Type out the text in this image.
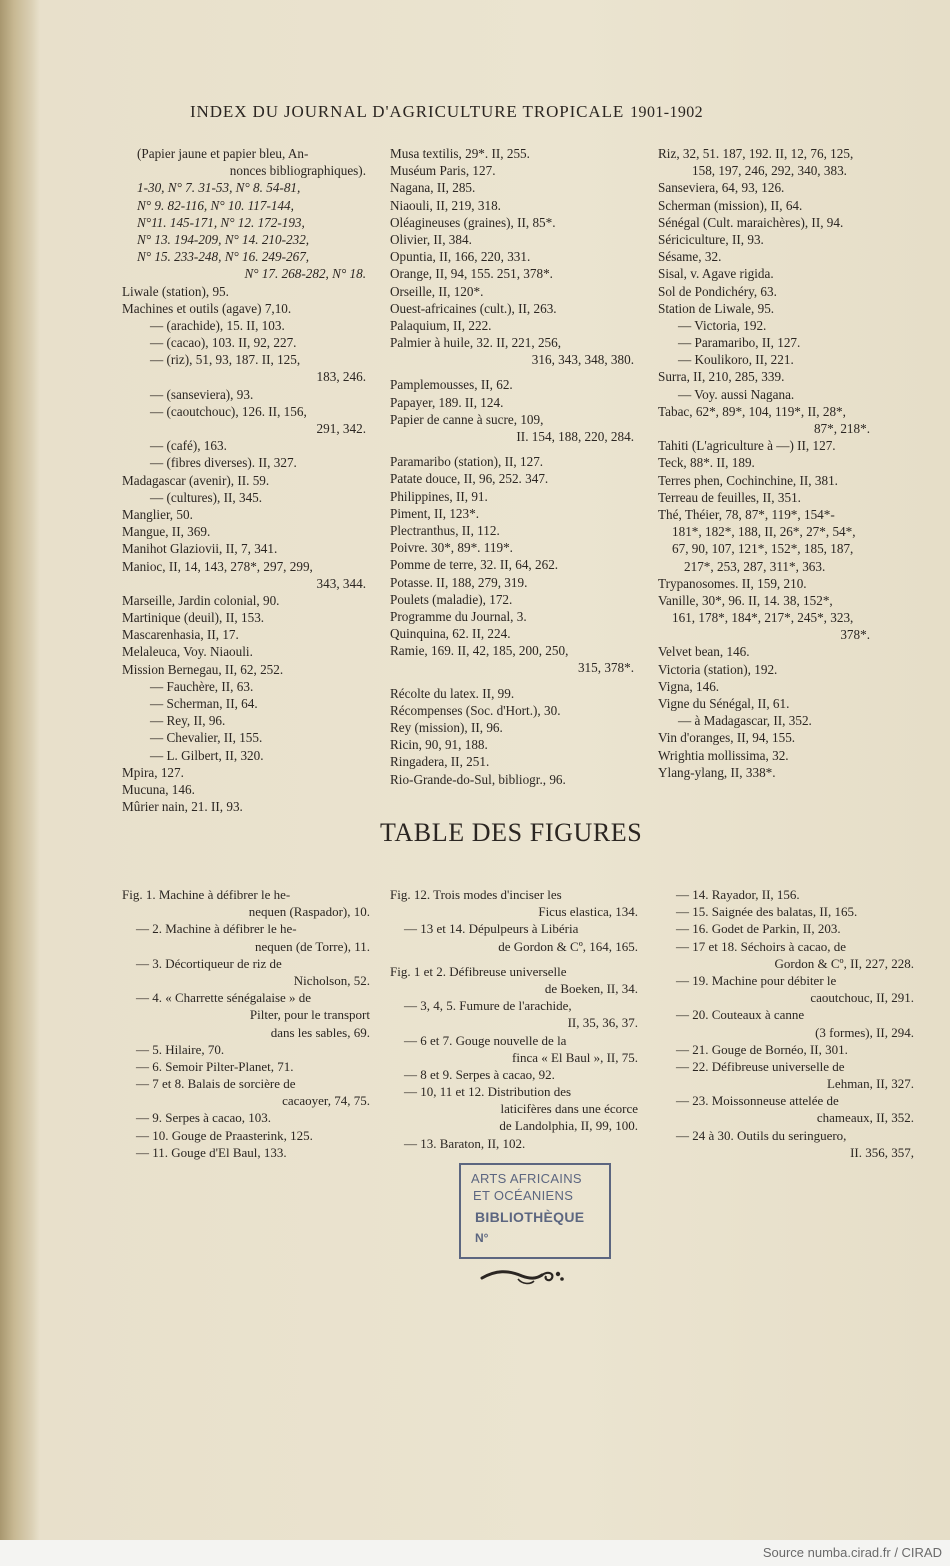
INDEX DU JOURNAL D'AGRICULTURE TROPICALE 1901-1902
(Papier jaune et papier bleu, An-
nonces bibliographiques).
1-30, N° 7. 31-53, N° 8. 54-81,
N° 9. 82-116, N° 10. 117-144,
N°11. 145-171, N° 12. 172-193,
N° 13. 194-209, N° 14. 210-232,
N° 15. 233-248, N° 16. 249-267,
N° 17. 268-282, N° 18.
Liwale (station), 95.
Machines et outils (agave) 7,10.
— (arachide), 15. II, 103.
— (cacao), 103. II, 92, 227.
— (riz), 51, 93, 187. II, 125,
183, 246.
— (sanseviera), 93.
— (caoutchouc), 126. II, 156,
291, 342.
— (café), 163.
— (fibres diverses). II, 327.
Madagascar (avenir), II. 59.
— (cultures), II, 345.
Manglier, 50.
Mangue, II, 369.
Manihot Glaziovii, II, 7, 341.
Manioc, II, 14, 143, 278*, 297, 299,
343, 344.
Marseille, Jardin colonial, 90.
Martinique (deuil), II, 153.
Mascarenhasia, II, 17.
Melaleuca, Voy. Niaouli.
Mission Bernegau, II, 62, 252.
— Fauchère, II, 63.
— Scherman, II, 64.
— Rey, II, 96.
— Chevalier, II, 155.
— L. Gilbert, II, 320.
Mpira, 127.
Mucuna, 146.
Mûrier nain, 21. II, 93.
Musa textilis, 29*. II, 255.
Muséum Paris, 127.
Nagana, II, 285.
Niaouli, II, 219, 318.
Oléagineuses (graines), II, 85*.
Olivier, II, 384.
Opuntia, II, 166, 220, 331.
Orange, II, 94, 155. 251, 378*.
Orseille, II, 120*.
Ouest-africaines (cult.), II, 263.
Palaquium, II, 222.
Palmier à huile, 32. II, 221, 256,
316, 343, 348, 380.
Pamplemousses, II, 62.
Papayer, 189. II, 124.
Papier de canne à sucre, 109,
II. 154, 188, 220, 284.
Paramaribo (station), II, 127.
Patate douce, II, 96, 252. 347.
Philippines, II, 91.
Piment, II, 123*.
Plectranthus, II, 112.
Poivre. 30*, 89*. 119*.
Pomme de terre, 32. II, 64, 262.
Potasse. II, 188, 279, 319.
Poulets (maladie), 172.
Programme du Journal, 3.
Quinquina, 62. II, 224.
Ramie, 169. II, 42, 185, 200, 250,
315, 378*.
Récolte du latex. II, 99.
Récompenses (Soc. d'Hort.), 30.
Rey (mission), II, 96.
Ricin, 90, 91, 188.
Ringadera, II, 251.
Rio-Grande-do-Sul, bibliogr., 96.
Riz, 32, 51. 187, 192. II, 12, 76, 125,
158, 197, 246, 292, 340, 383.
Sanseviera, 64, 93, 126.
Scherman (mission), II, 64.
Sénégal (Cult. maraichères), II, 94.
Sériciculture, II, 93.
Sésame, 32.
Sisal, v. Agave rigida.
Sol de Pondichéry, 63.
Station de Liwale, 95.
— Victoria, 192.
— Paramaribo, II, 127.
— Koulikoro, II, 221.
Surra, II, 210, 285, 339.
— Voy. aussi Nagana.
Tabac, 62*, 89*, 104, 119*, II, 28*,
87*, 218*.
Tahiti (L'agriculture à —) II, 127.
Teck, 88*. II, 189.
Terres phen, Cochinchine, II, 381.
Terreau de feuilles, II, 351.
Thé, Théier, 78, 87*, 119*, 154*-
181*, 182*, 188, II, 26*, 27*, 54*,
67, 90, 107, 121*, 152*, 185, 187,
217*, 253, 287, 311*, 363.
Trypanosomes. II, 159, 210.
Vanille, 30*, 96. II, 14. 38, 152*,
161, 178*, 184*, 217*, 245*, 323,
378*.
Velvet bean, 146.
Victoria (station), 192.
Vigna, 146.
Vigne du Sénégal, II, 61.
— à Madagascar, II, 352.
Vin d'oranges, II, 94, 155.
Wrightia mollissima, 32.
Ylang-ylang, II, 338*.
TABLE DES FIGURES
Fig. 1. Machine à défibrer le he-
nequen (Raspador), 10.
— 2. Machine à défibrer le he-
nequen (de Torre), 11.
— 3. Décortiqueur de riz de
Nicholson, 52.
— 4. « Charrette sénégalaise » de
Pilter, pour le transport
dans les sables, 69.
— 5. Hilaire, 70.
— 6. Semoir Pilter-Planet, 71.
— 7 et 8. Balais de sorcière de
cacaoyer, 74, 75.
— 9. Serpes à cacao, 103.
— 10. Gouge de Praasterink, 125.
— 11. Gouge d'El Baul, 133.
Fig. 12. Trois modes d'inciser les
Ficus elastica, 134.
— 13 et 14. Dépulpeurs à Libéria
de Gordon & Cº, 164, 165.
Fig. 1 et 2. Défibreuse universelle
de Boeken, II, 34.
— 3, 4, 5. Fumure de l'arachide,
II, 35, 36, 37.
— 6 et 7. Gouge nouvelle de la
finca « El Baul », II, 75.
— 8 et 9. Serpes à cacao, 92.
— 10, 11 et 12. Distribution des
laticifères dans une écorce
de Landolphia, II, 99, 100.
— 13. Baraton, II, 102.
— 14. Rayador, II, 156.
— 15. Saignée des balatas, II, 165.
— 16. Godet de Parkin, II, 203.
— 17 et 18. Séchoirs à cacao, de
Gordon & Cº, II, 227, 228.
— 19. Machine pour débiter le
caoutchouc, II, 291.
— 20. Couteaux à canne
(3 formes), II, 294.
— 21. Gouge de Bornéo, II, 301.
— 22. Défibreuse universelle de
Lehman, II, 327.
— 23. Moissonneuse attelée de
chameaux, II, 352.
— 24 à 30. Outils du seringuero,
II. 356, 357,
ARTS AFRICAINS
ET OCÉANIENS
BIBLIOTHÈQUE
N°
Source numba.cirad.fr / CIRAD
